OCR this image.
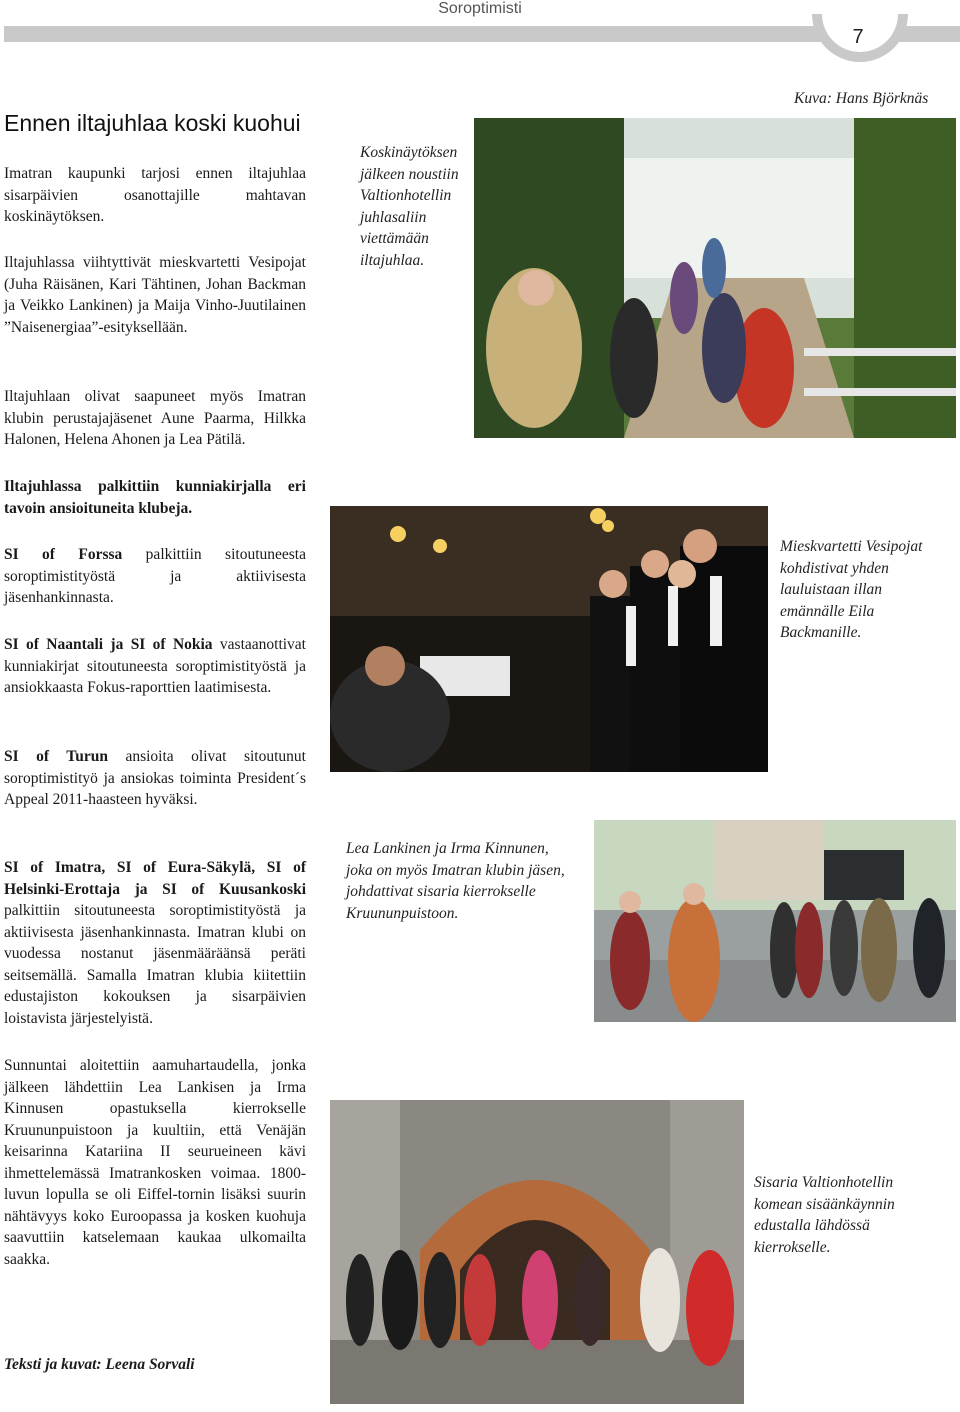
Soroptimisti
7
Ennen iltajuhlaa koski kuohui
Imatran kaupunki tarjosi ennen iltajuhlaa sisarpäivien osanottajille mahtavan koskinäytöksen.
Iltajuhlassa viihtyttivät mieskvartetti Vesipojat (Juha Räisänen, Kari Tähtinen, Johan Backman ja Veikko Lankinen) ja Maija Vinho-Juutilainen ”Naisenergiaa”-esityksellään.
Iltajuhlaan olivat saapuneet myös Imatran klubin perustajajäsenet Aune Paarma, Hilkka Halonen, Helena Ahonen ja Lea Pätilä.
Iltajuhlassa palkittiin kunniakirjalla eri tavoin ansioituneita klubeja.
SI of Forssa palkittiin sitoutuneesta soroptimistityöstä ja aktiivisesta jäsenhankinnasta.
SI of Naantali ja SI of Nokia vastaanottivat kunniakirjat sitoutuneesta soroptimistityöstä ja ansiokkaasta Fokus-raporttien laatimisesta.
SI of Turun ansioita olivat sitoutunut soroptimistityö ja ansiokas toiminta President´s Appeal 2011-haasteen hyväksi.
SI of Imatra, SI of Eura-Säkylä, SI of Helsinki-Erottaja ja SI of Kuusankoski palkittiin sitoutuneesta soroptimistityöstä ja aktiivisesta jäsenhankinnasta. Imatran klubi on vuodessa nostanut jäsenmääräänsä peräti seitsemällä. Samalla Imatran klubia kiitettiin edustajiston kokouksen ja sisarpäivien loistavista järjestelyistä.
Sunnuntai aloitettiin aamuhartaudella, jonka jälkeen lähdettiin Lea Lankisen ja Irma Kinnusen opastuksella kierrokselle Kruununpuistoon ja kuultiin, että Venäjän keisarinna Katariina II seurueineen kävi ihmettelemässä Imatrankosken voimaa. 1800-luvun lopulla se oli Eiffel-tornin lisäksi suurin nähtävyys koko Euroopassa ja kosken kuohuja saavuttiin katselemaan kaukaa ulkomailta saakka.
Teksti ja kuvat: Leena Sorvali
Kuva: Hans Björknäs
Koskinäytöksen jälkeen noustiin Valtionhotellin juhlasaliin viettämään iltajuhlaa.
Mieskvartetti Vesipojat kohdistivat yhden lauluistaan illan emännälle Eila Backmanille.
Lea Lankinen ja Irma Kinnunen, joka on myös Imatran klubin jäsen, johdattivat sisaria kierrokselle Kruununpuistoon.
Sisaria Valtionhotellin komean sisäänkäynnin edustalla lähdössä kierrokselle.
